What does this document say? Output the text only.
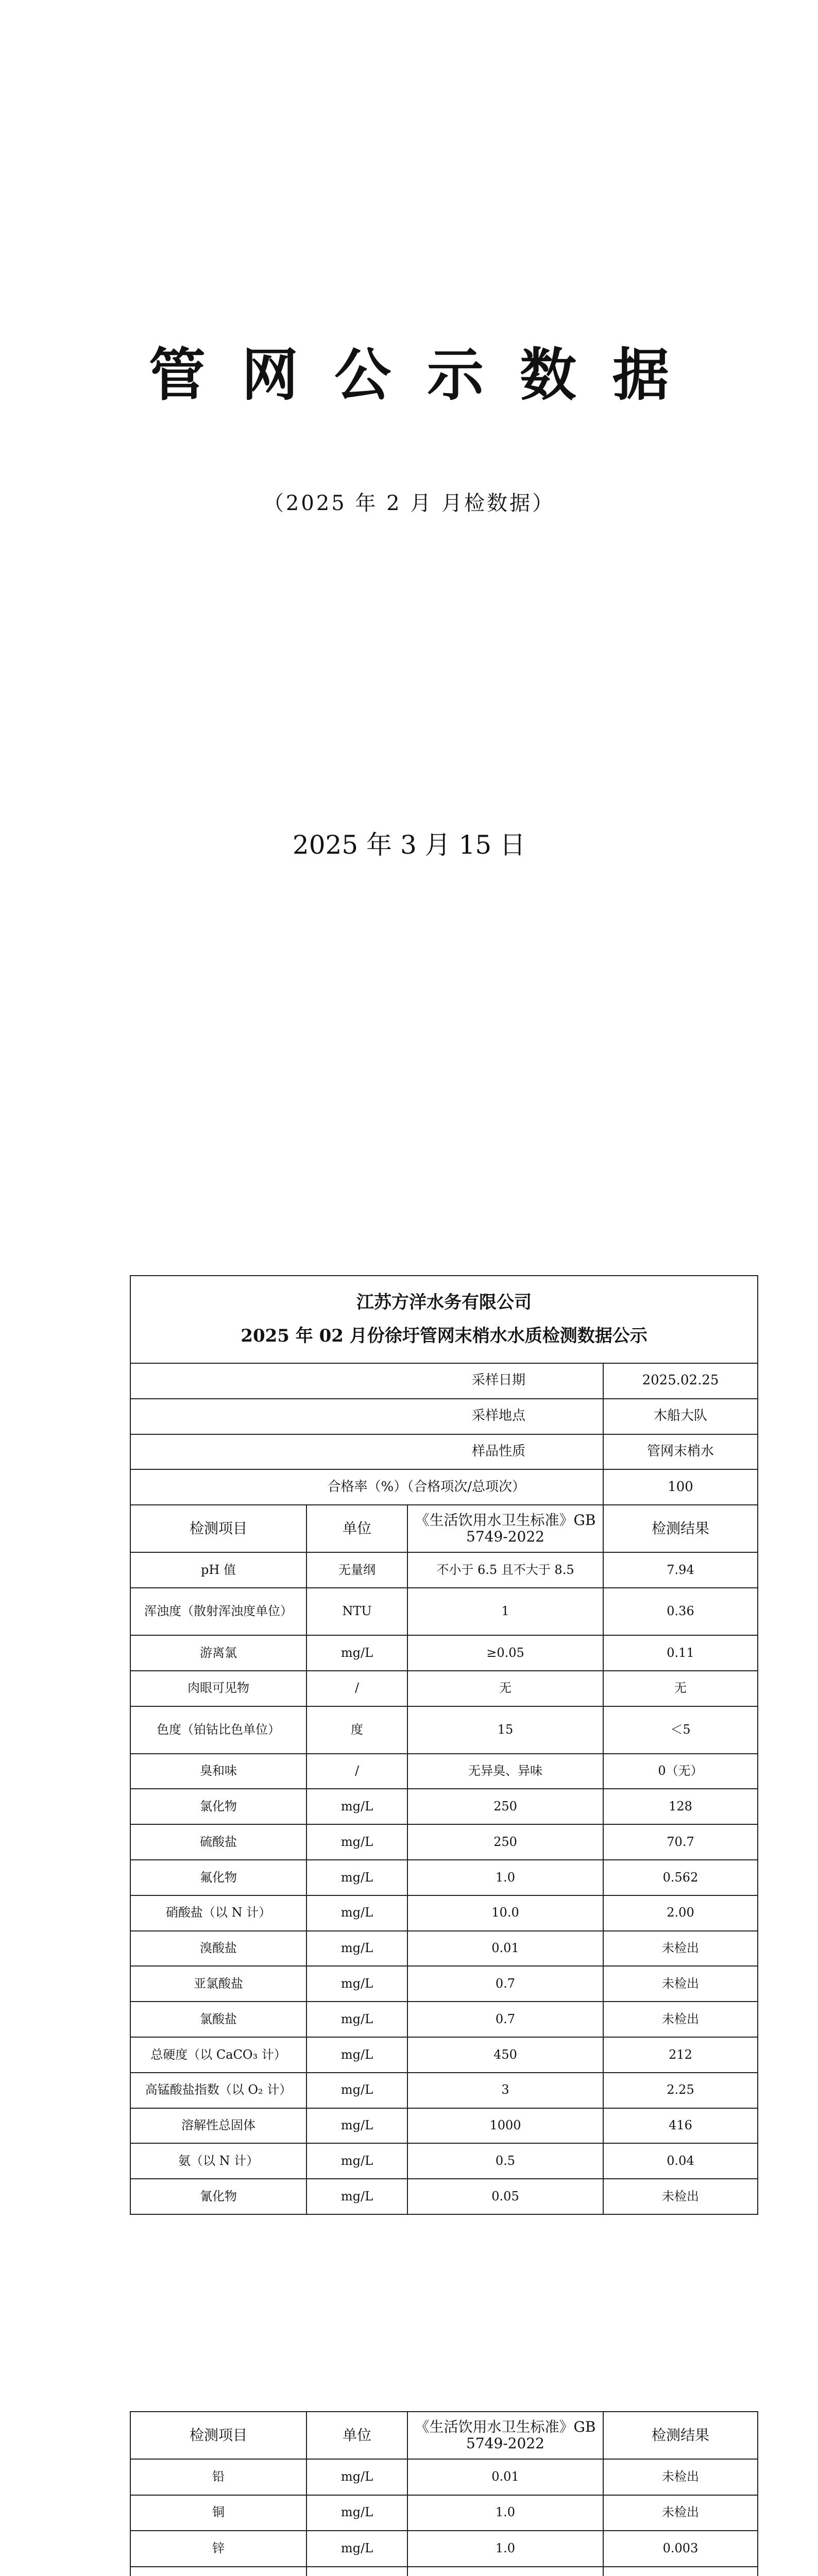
管网公示数据
（2025 年 2 月 月检数据）
2025 年 3 月 15 日
江苏方洋水务有限公司
2025 年 02 月份徐圩管网末梢水水质检测数据公示			

采样日期			2025.02.25
采样地点			木船大队
样品性质			管网末梢水
合格率（%）（合格项次/总项次）			100
检测项目	单位	《生活饮用水卫生标准》GB 5749-2022	检测结果
pH 值	无量纲	不小于 6.5 且不大于 8.5	7.94
浑浊度（散射浑浊度单位）	NTU	1	0.36
游离氯	mg/L	≥0.05	0.11
肉眼可见物	/	无	无
色度（铂钴比色单位）	度	15	＜5
臭和味	/	无异臭、异味	0（无）
氯化物	mg/L	250	128
硫酸盐	mg/L	250	70.7
氟化物	mg/L	1.0	0.562
硝酸盐（以 N 计）	mg/L	10.0	2.00
溴酸盐	mg/L	0.01	未检出
亚氯酸盐	mg/L	0.7	未检出
氯酸盐	mg/L	0.7	未检出
总硬度（以 CaCO₃ 计）	mg/L	450	212
高锰酸盐指数（以 O₂ 计）	mg/L	3	2.25
溶解性总固体	mg/L	1000	416
氨（以 N 计）	mg/L	0.5	0.04
氰化物	mg/L	0.05	未检出
检测项目	单位	《生活饮用水卫生标准》GB 5749-2022	检测结果
铅	mg/L	0.01	未检出
铜	mg/L	1.0	未检出
锌	mg/L	1.0	0.003
